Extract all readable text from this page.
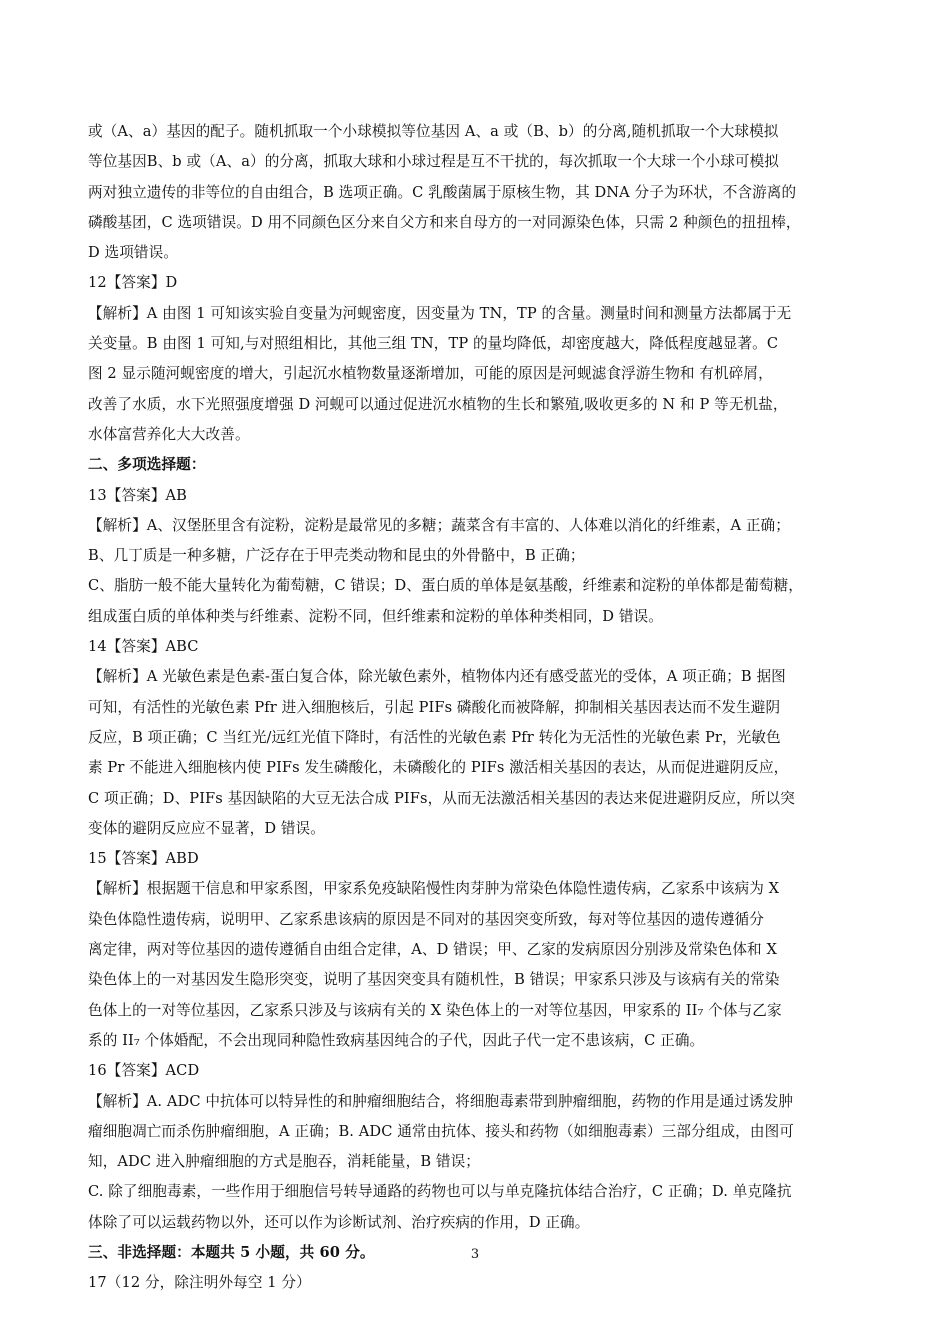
或（A、a）基因的配子。随机抓取一个小球模拟等位基因 A、a 或（B、b）的分离,随机抓取一个大球模拟
等位基因B、b 或（A、a）的分离，抓取大球和小球过程是互不干扰的，每次抓取一个大球一个小球可模拟
两对独立遗传的非等位的自由组合，B 选项正确。C 乳酸菌属于原核生物，其 DNA 分子为环状，不含游离的
磷酸基团，C 选项错误。D 用不同颜色区分来自父方和来自母方的一对同源染色体，只需 2 种颜色的扭扭棒，
D 选项错误。
12【答案】D
【解析】A 由图 1 可知该实验自变量为河蚬密度，因变量为 TN，TP 的含量。测量时间和测量方法都属于无
关变量。B 由图 1 可知,与对照组相比，其他三组 TN，TP 的量均降低，却密度越大，降低程度越显著。C
图 2 显示随河蚬密度的增大，引起沉水植物数量逐渐增加，可能的原因是河蚬滤食浮游生物和 有机碎屑，
改善了水质，水下光照强度增强 D 河蚬可以通过促进沉水植物的生长和繁殖,吸收更多的 N 和 P 等无机盐，
水体富营养化大大改善。
二、多项选择题：
13【答案】AB
【解析】A、汉堡胚里含有淀粉，淀粉是最常见的多糖；蔬菜含有丰富的、人体难以消化的纤维素，A 正确；
B、几丁质是一种多糖，广泛存在于甲壳类动物和昆虫的外骨骼中，B 正确；
C、脂肪一般不能大量转化为葡萄糖，C 错误；D、蛋白质的单体是氨基酸，纤维素和淀粉的单体都是葡萄糖，
组成蛋白质的单体种类与纤维素、淀粉不同，但纤维素和淀粉的单体种类相同，D 错误。
14【答案】ABC
【解析】A 光敏色素是色素-蛋白复合体，除光敏色素外，植物体内还有感受蓝光的受体，A 项正确；B 据图
可知，有活性的光敏色素 Pfr 进入细胞核后，引起 PIFs 磷酸化而被降解，抑制相关基因表达而不发生避阴
反应，B 项正确；C 当红光/远红光值下降时，有活性的光敏色素 Pfr 转化为无活性的光敏色素 Pr，光敏色
素 Pr 不能进入细胞核内使 PIFs 发生磷酸化，未磷酸化的 PIFs 激活相关基因的表达，从而促进避阴反应，
C 项正确；D、PIFs 基因缺陷的大豆无法合成 PIFs，从而无法激活相关基因的表达来促进避阴反应，所以突
变体的避阴反应应不显著，D 错误。
15【答案】ABD
【解析】根据题干信息和甲家系图，甲家系免疫缺陷慢性肉芽肿为常染色体隐性遗传病，乙家系中该病为 X
染色体隐性遗传病，说明甲、乙家系患该病的原因是不同对的基因突变所致，每对等位基因的遗传遵循分
离定律，两对等位基因的遗传遵循自由组合定律，A、D 错误；甲、乙家的发病原因分别涉及常染色体和 X
染色体上的一对基因发生隐形突变，说明了基因突变具有随机性，B 错误；甲家系只涉及与该病有关的常染
色体上的一对等位基因，乙家系只涉及与该病有关的 X 染色体上的一对等位基因，甲家系的 II₇ 个体与乙家
系的 II₇ 个体婚配，不会出现同种隐性致病基因纯合的子代，因此子代一定不患该病，C 正确。
16【答案】ACD
【解析】A. ADC 中抗体可以特异性的和肿瘤细胞结合，将细胞毒素带到肿瘤细胞，药物的作用是通过诱发肿
瘤细胞凋亡而杀伤肿瘤细胞，A 正确；B. ADC 通常由抗体、接头和药物（如细胞毒素）三部分组成，由图可
知，ADC 进入肿瘤细胞的方式是胞吞，消耗能量，B 错误；
C. 除了细胞毒素，一些作用于细胞信号转导通路的药物也可以与单克隆抗体结合治疗，C 正确；D. 单克隆抗
体除了可以运载药物以外，还可以作为诊断试剂、治疗疾病的作用，D 正确。
三、非选择题：本题共 5 小题，共 60 分。
17（12 分，除注明外每空 1 分）
3
